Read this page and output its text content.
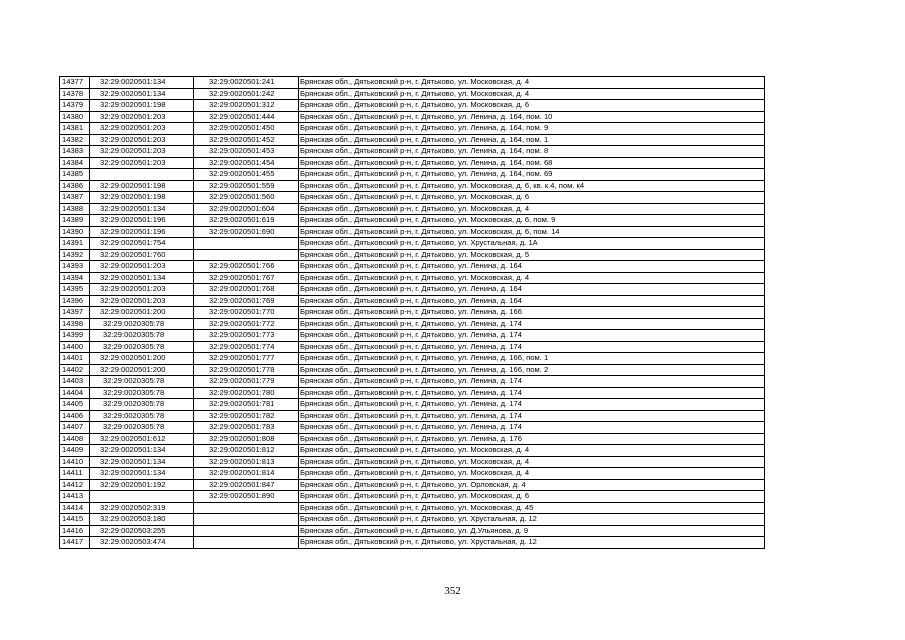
14377	32:29:0020501:134	32:29:0020501:241	Брянская обл., Дятьковский р-н, г. Дятьково, ул. Московская, д. 4
14378	32:29:0020501:134	32:29:0020501:242	Брянская обл., Дятьковский р-н, г. Дятьково, ул. Московская, д. 4
14379	32:29:0020501:198	32:29:0020501:312	Брянская обл., Дятьковский р-н, г. Дятьково, ул. Московская, д. 6
14380	32:29:0020501:203	32:29:0020501:444	Брянская обл., Дятьковский р-н, г. Дятьково, ул. Ленина, д. 164, пом. 10
14381	32:29:0020501:203	32:29:0020501:450	Брянская обл., Дятьковский р-н, г. Дятьково, ул. Ленина, д. 164, пом. 9
14382	32:29:0020501:203	32:29:0020501:452	Брянская обл., Дятьковский р-н, г. Дятьково, ул. Ленина, д. 164, пом. 1
14383	32:29:0020501:203	32:29:0020501:453	Брянская обл., Дятьковский р-н, г. Дятьково, ул. Ленина, д. 164, пом. 8
14384	32:29:0020501:203	32:29:0020501:454	Брянская обл., Дятьковский р-н, г. Дятьково, ул. Ленина, д. 164, пом. 68
14385		32:29:0020501:455	Брянская обл., Дятьковский р-н, г. Дятьково, ул. Ленина, д. 164, пом. 69
14386	32:29:0020501:198	32:29:0020501:559	Брянская обл., Дятьковский р-н, г. Дятьково, ул. Московская, д. 6, кв. к 4, пом. к4
14387	32:29:0020501:198	32:29:0020501:560	Брянская обл., Дятьковский р-н, г. Дятьково, ул. Московская, д. 6
14388	32:29:0020501:134	32:29:0020501:604	Брянская обл., Дятьковский р-н, г. Дятьково, ул. Московская, д. 4
14389	32:29:0020501:196	32:29:0020501:619	Брянская обл., Дятьковский р-н, г. Дятьково, ул. Московская, д. 6, пом. 9
14390	32:29:0020501:196	32:29:0020501:690	Брянская обл., Дятьковский р-н, г. Дятьково, ул. Московская, д. 6, пом. 14
14391	32:29:0020501:754		Брянская обл., Дятьковский р-н, г. Дятьково, ул. Хрустальная, д. 1А
14392	32:29:0020501:760		Брянская обл., Дятьковский р-н, г. Дятьково, ул. Московская, д. 5
14393	32:29:0020501:203	32:29:0020501:766	Брянская обл., Дятьковский р-н, г. Дятьково, ул. Ленина, д. 164
14394	32:29:0020501:134	32:29:0020501:767	Брянская обл., Дятьковский р-н, г. Дятьково, ул. Московская, д. 4
14395	32:29:0020501:203	32:29:0020501:768	Брянская обл., Дятьковский р-н, г. Дятьково, ул. Ленина, д. 164
14396	32:29:0020501:203	32:29:0020501:769	Брянская обл., Дятьковский р-н, г. Дятьково, ул. Ленина, д. 164
14397	32:29:0020501:200	32:29:0020501:770	Брянская обл., Дятьковский р-н, г. Дятьково, ул. Ленина, д. 166
14398	32:29:0020305:78	32:29:0020501:772	Брянская обл., Дятьковский р-н, г. Дятьково, ул. Ленина, д. 174
14399	32:29:0020305:78	32:29:0020501:773	Брянская обл., Дятьковский р-н, г. Дятьково, ул. Ленина, д. 174
14400	32:29:0020305:78	32:29:0020501:774	Брянская обл., Дятьковский р-н, г. Дятьково, ул. Ленина, д. 174
14401	32:29:0020501:200	32:29:0020501:777	Брянская обл., Дятьковский р-н, г. Дятьково, ул. Ленина, д. 166, пом. 1
14402	32:29:0020501:200	32:29:0020501:778	Брянская обл., Дятьковский р-н, г. Дятьково, ул. Ленина, д. 166, пом. 2
14403	32:29:0020305:78	32:29:0020501:779	Брянская обл., Дятьковский р-н, г. Дятьково, ул. Ленина, д. 174
14404	32:29:0020305:78	32:29:0020501:780	Брянская обл., Дятьковский р-н, г. Дятьково, ул. Ленина, д. 174
14405	32:29:0020305:78	32:29:0020501:781	Брянская обл., Дятьковский р-н, г. Дятьково, ул. Ленина, д. 174
14406	32:29:0020305:78	32:29:0020501:782	Брянская обл., Дятьковский р-н, г. Дятьково, ул. Ленина, д. 174
14407	32:29:0020305:78	32:29:0020501:783	Брянская обл., Дятьковский р-н, г. Дятьково, ул. Ленина, д. 174
14408	32:29:0020501:612	32:29:0020501:808	Брянская обл., Дятьковский р-н, г. Дятьково, ул. Ленина, д. 176
14409	32:29:0020501:134	32:29:0020501:812	Брянская обл., Дятьковский р-н, г. Дятьково, ул. Московская, д. 4
14410	32:29:0020501:134	32:29:0020501:813	Брянская обл., Дятьковский р-н, г. Дятьково, ул. Московская, д. 4
14411	32:29:0020501:134	32:29:0020501:814	Брянская обл., Дятьковский р-н, г. Дятьково, ул. Московская, д. 4
14412	32:29:0020501:192	32:29:0020501:847	Брянская обл., Дятьковский р-н, г. Дятьково, ул. Орловская, д. 4
14413		32:29:0020501:890	Брянская обл., Дятьковский р-н, г. Дятьково, ул. Московская, д. 6
14414	32:29:0020502:319		Брянская обл., Дятьковский р-н, г. Дятьково, ул. Московская, д. 45
14415	32:29:0020503:180		Брянская обл., Дятьковский р-н, г. Дятьково, ул. Хрустальная, д. 12
14416	32:29:0020503:255		Брянская обл., Дятьковский р-н, г. Дятьково, ул. Д.Ульянова, д. 9
14417	32:29:0020503:474		Брянская обл., Дятьковский р-н, г. Дятьково, ул. Хрустальная, д. 12
352
